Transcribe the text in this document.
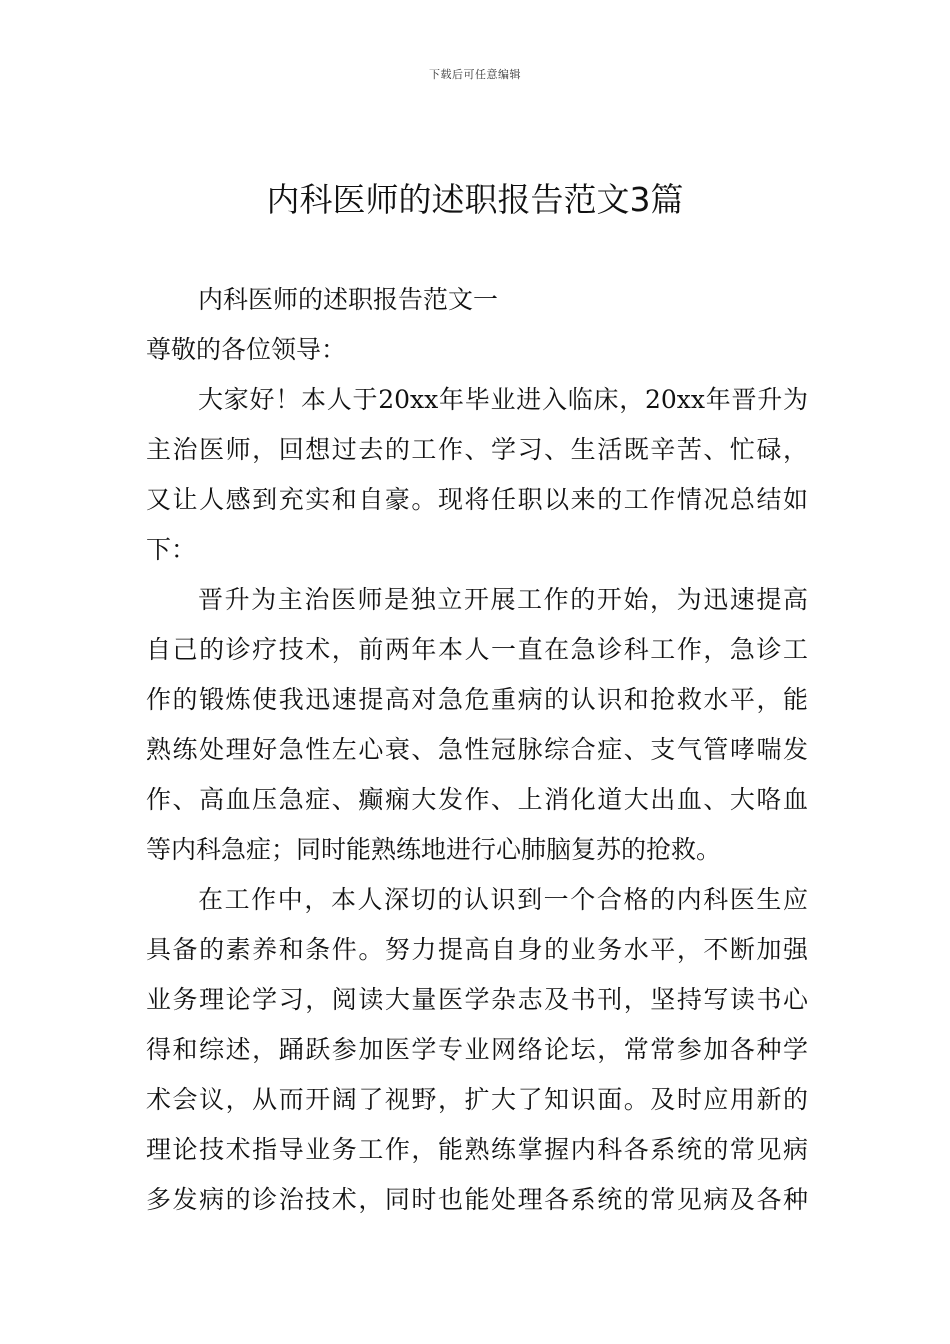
下载后可任意编辑
内科医师的述职报告范文3篇
内科医师的述职报告范文一
尊敬的各位领导：
大家好！本人于20xx年毕业进入临床，20xx年晋升为
主治医师，回想过去的工作、学习、生活既辛苦、忙碌，
又让人感到充实和自豪。现将任职以来的工作情况总结如
下：
晋升为主治医师是独立开展工作的开始，为迅速提高
自己的诊疗技术，前两年本人一直在急诊科工作，急诊工
作的锻炼使我迅速提高对急危重病的认识和抢救水平，能
熟练处理好急性左心衰、急性冠脉综合症、支气管哮喘发
作、高血压急症、癫痫大发作、上消化道大出血、大咯血
等内科急症；同时能熟练地进行心肺脑复苏的抢救。
在工作中，本人深切的认识到一个合格的内科医生应
具备的素养和条件。努力提高自身的业务水平，不断加强
业务理论学习，阅读大量医学杂志及书刊，坚持写读书心
得和综述，踊跃参加医学专业网络论坛，常常参加各种学
术会议，从而开阔了视野，扩大了知识面。及时应用新的
理论技术指导业务工作，能熟练掌握内科各系统的常见病
多发病的诊治技术，同时也能处理各系统的常见病及各种
